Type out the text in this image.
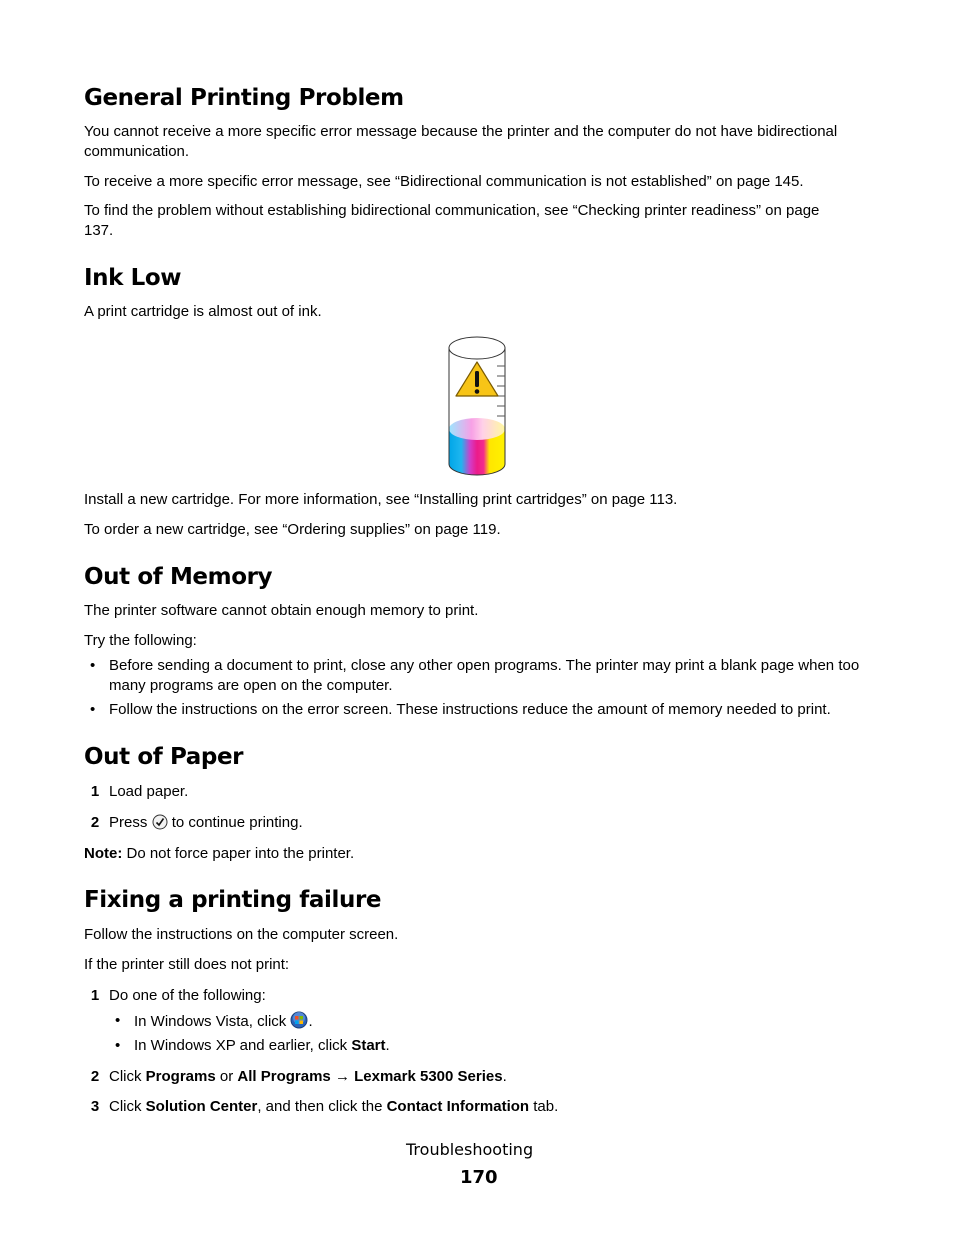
General Printing Problem

You cannot receive a more specific error message because the printer and the computer do not have bidirectional communication.

To receive a more specific error message, see “Bidirectional communication is not established” on page 145.

To find the problem without establishing bidirectional communication, see “Checking printer readiness” on page 137.

Ink Low

A print cartridge is almost out of ink.

Install a new cartridge. For more information, see “Installing print cartridges” on page 113.

To order a new cartridge, see “Ordering supplies” on page 119.

Out of Memory

The printer software cannot obtain enough memory to print.

Try the following:

• Before sending a document to print, close any other open programs. The printer may print a blank page when too many programs are open on the computer.
• Follow the instructions on the error screen. These instructions reduce the amount of memory needed to print.
Out of Paper
1 Load paper.
2 Press to continue printing.

Note: Do not force paper into the printer.

Fixing a printing failure

Follow the instructions on the computer screen.

If the printer still does not print:

1 Do one of the following:
• In Windows Vista, click .
• In Windows XP and earlier, click Start.
2 Click Programs or All Programs → Lexmark 5300 Series.
3 Click Solution Center, and then click the Contact Information tab.
Troubleshooting
170
